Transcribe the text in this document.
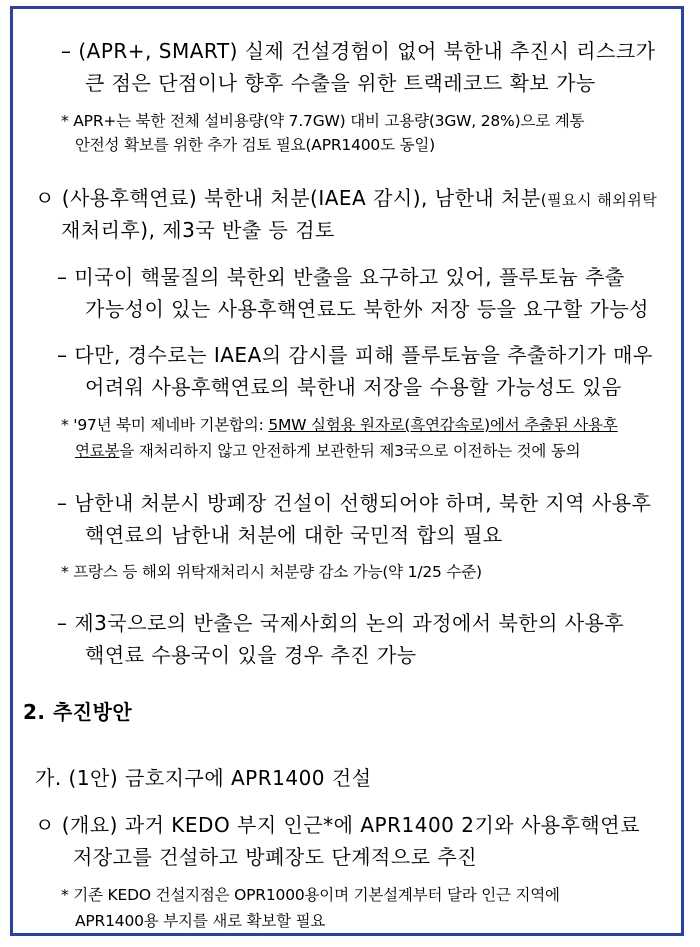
– (APR+, SMART) 실제 건설경험이 없어 북한내 추진시 리스크가
큰 점은 단점이나 향후 수출을 위한 트랙레코드 확보 가능
* APR+는 북한 전체 설비용량(약 7.7GW) 대비 고용량(3GW, 28%)으로 계통
안전성 확보를 위한 추가 검토 필요(APR1400도 동일)
ㅇ (사용후핵연료) 북한내 처분(IAEA 감시), 남한내 처분(필요시 해외위탁
재처리후), 제3국 반출 등 검토
– 미국이 핵물질의 북한외 반출을 요구하고 있어, 플루토늄 추출
가능성이 있는 사용후핵연료도 북한外 저장 등을 요구할 가능성
– 다만, 경수로는 IAEA의 감시를 피해 플루토늄을 추출하기가 매우
어려워 사용후핵연료의 북한내 저장을 수용할 가능성도 있음
* '97년 북미 제네바 기본합의: 5MW 실험용 원자로(흑연감속로)에서 추출된 사용후
연료봉을 재처리하지 않고 안전하게 보관한뒤 제3국으로 이전하는 것에 동의
– 남한내 처분시 방폐장 건설이 선행되어야 하며, 북한 지역 사용후
핵연료의 남한내 처분에 대한 국민적 합의 필요
* 프랑스 등 해외 위탁재처리시 처분량 감소 가능(약 1/25 수준)
– 제3국으로의 반출은 국제사회의 논의 과정에서 북한의 사용후
핵연료 수용국이 있을 경우 추진 가능
2. 추진방안
가. (1안) 금호지구에 APR1400 건설
ㅇ (개요) 과거 KEDO 부지 인근*에 APR1400 2기와 사용후핵연료
저장고를 건설하고 방폐장도 단계적으로 추진
* 기존 KEDO 건설지점은 OPR1000용이며 기본설계부터 달라 인근 지역에
APR1400용 부지를 새로 확보할 필요
